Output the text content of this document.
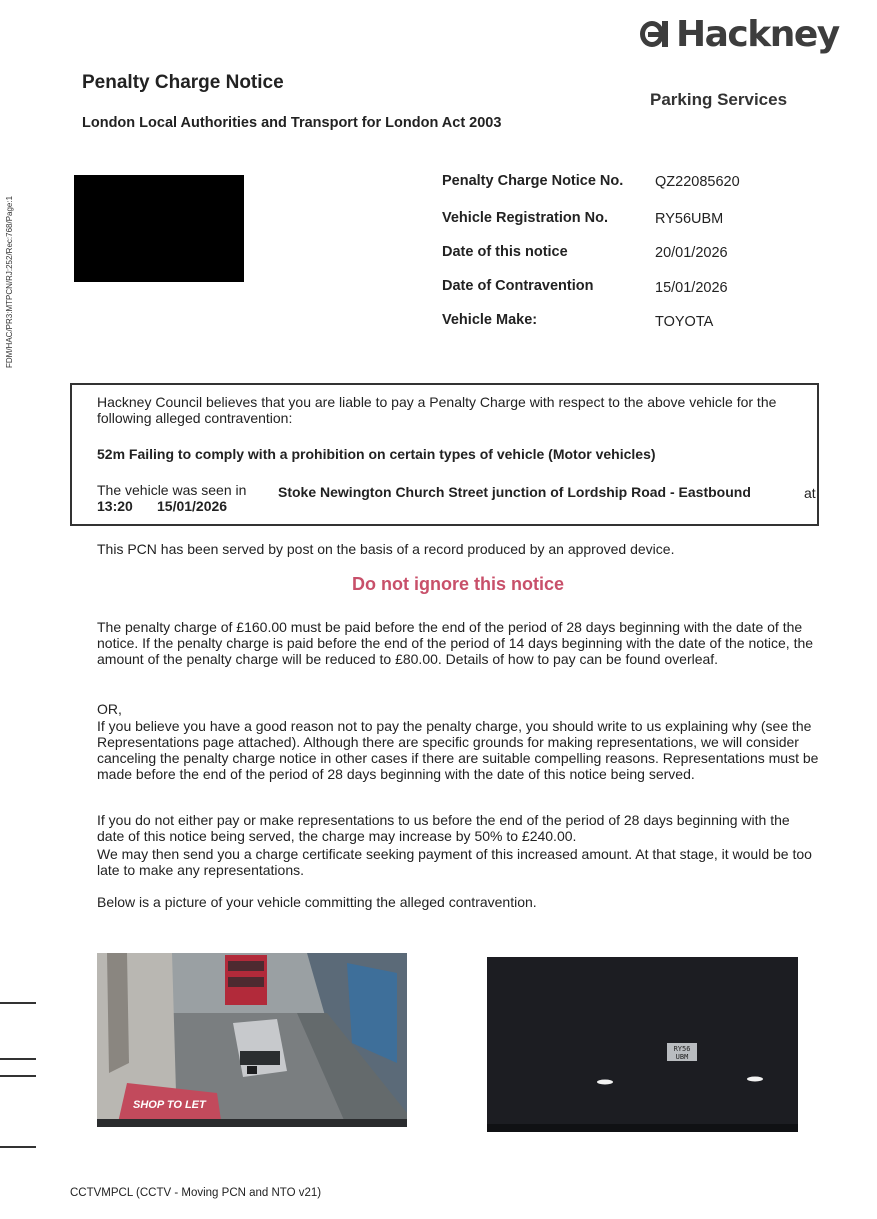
Hackney
Penalty Charge Notice
London Local Authorities and Transport for London Act 2003
Parking Services
FDM/HAC/PR3:MTPCN/RJ:252/Rec:768/Page:1
Penalty Charge Notice No. QZ22085620
Vehicle Registration No.	RY56UBM
Date of this notice	20/01/2026
Date of Contravention	15/01/2026
Vehicle Make:	TOYOTA
Hackney Council believes that you are liable to pay a Penalty Charge with respect to the above vehicle for the following alleged contravention:
52m Failing to comply with a prohibition on certain types of vehicle (Motor vehicles)
The vehicle was seen in Stoke Newington Church Street junction of Lordship Road - Eastbound	at
13:20 15/01/2026
This PCN has been served by post on the basis of a record produced by an approved device.
Do not ignore this notice
The penalty charge of £160.00 must be paid before the end of the period of 28 days beginning with the date of the notice. If the penalty charge is paid before the end of the period of 14 days beginning with the date of the notice, the amount of the penalty charge will be reduced to £80.00. Details of how to pay can be found overleaf.
OR,
If you believe you have a good reason not to pay the penalty charge, you should write to us explaining why (see the Representations page attached). Although there are specific grounds for making representations, we will consider canceling the penalty charge notice in other cases if there are suitable compelling reasons. Representations must be made before the end of the period of 28 days beginning with the date of this notice being served.
If you do not either pay or make representations to us before the end of the period of 28 days beginning with the date of this notice being served, the charge may increase by 50% to £240.00.
We may then send you a charge certificate seeking payment of this increased amount. At that stage, it would be too late to make any representations.
Below is a picture of your vehicle committing the alleged contravention.
SHOP TO LET
RY56
UBM
CCTVMPCL (CCTV - Moving PCN and NTO v21)
